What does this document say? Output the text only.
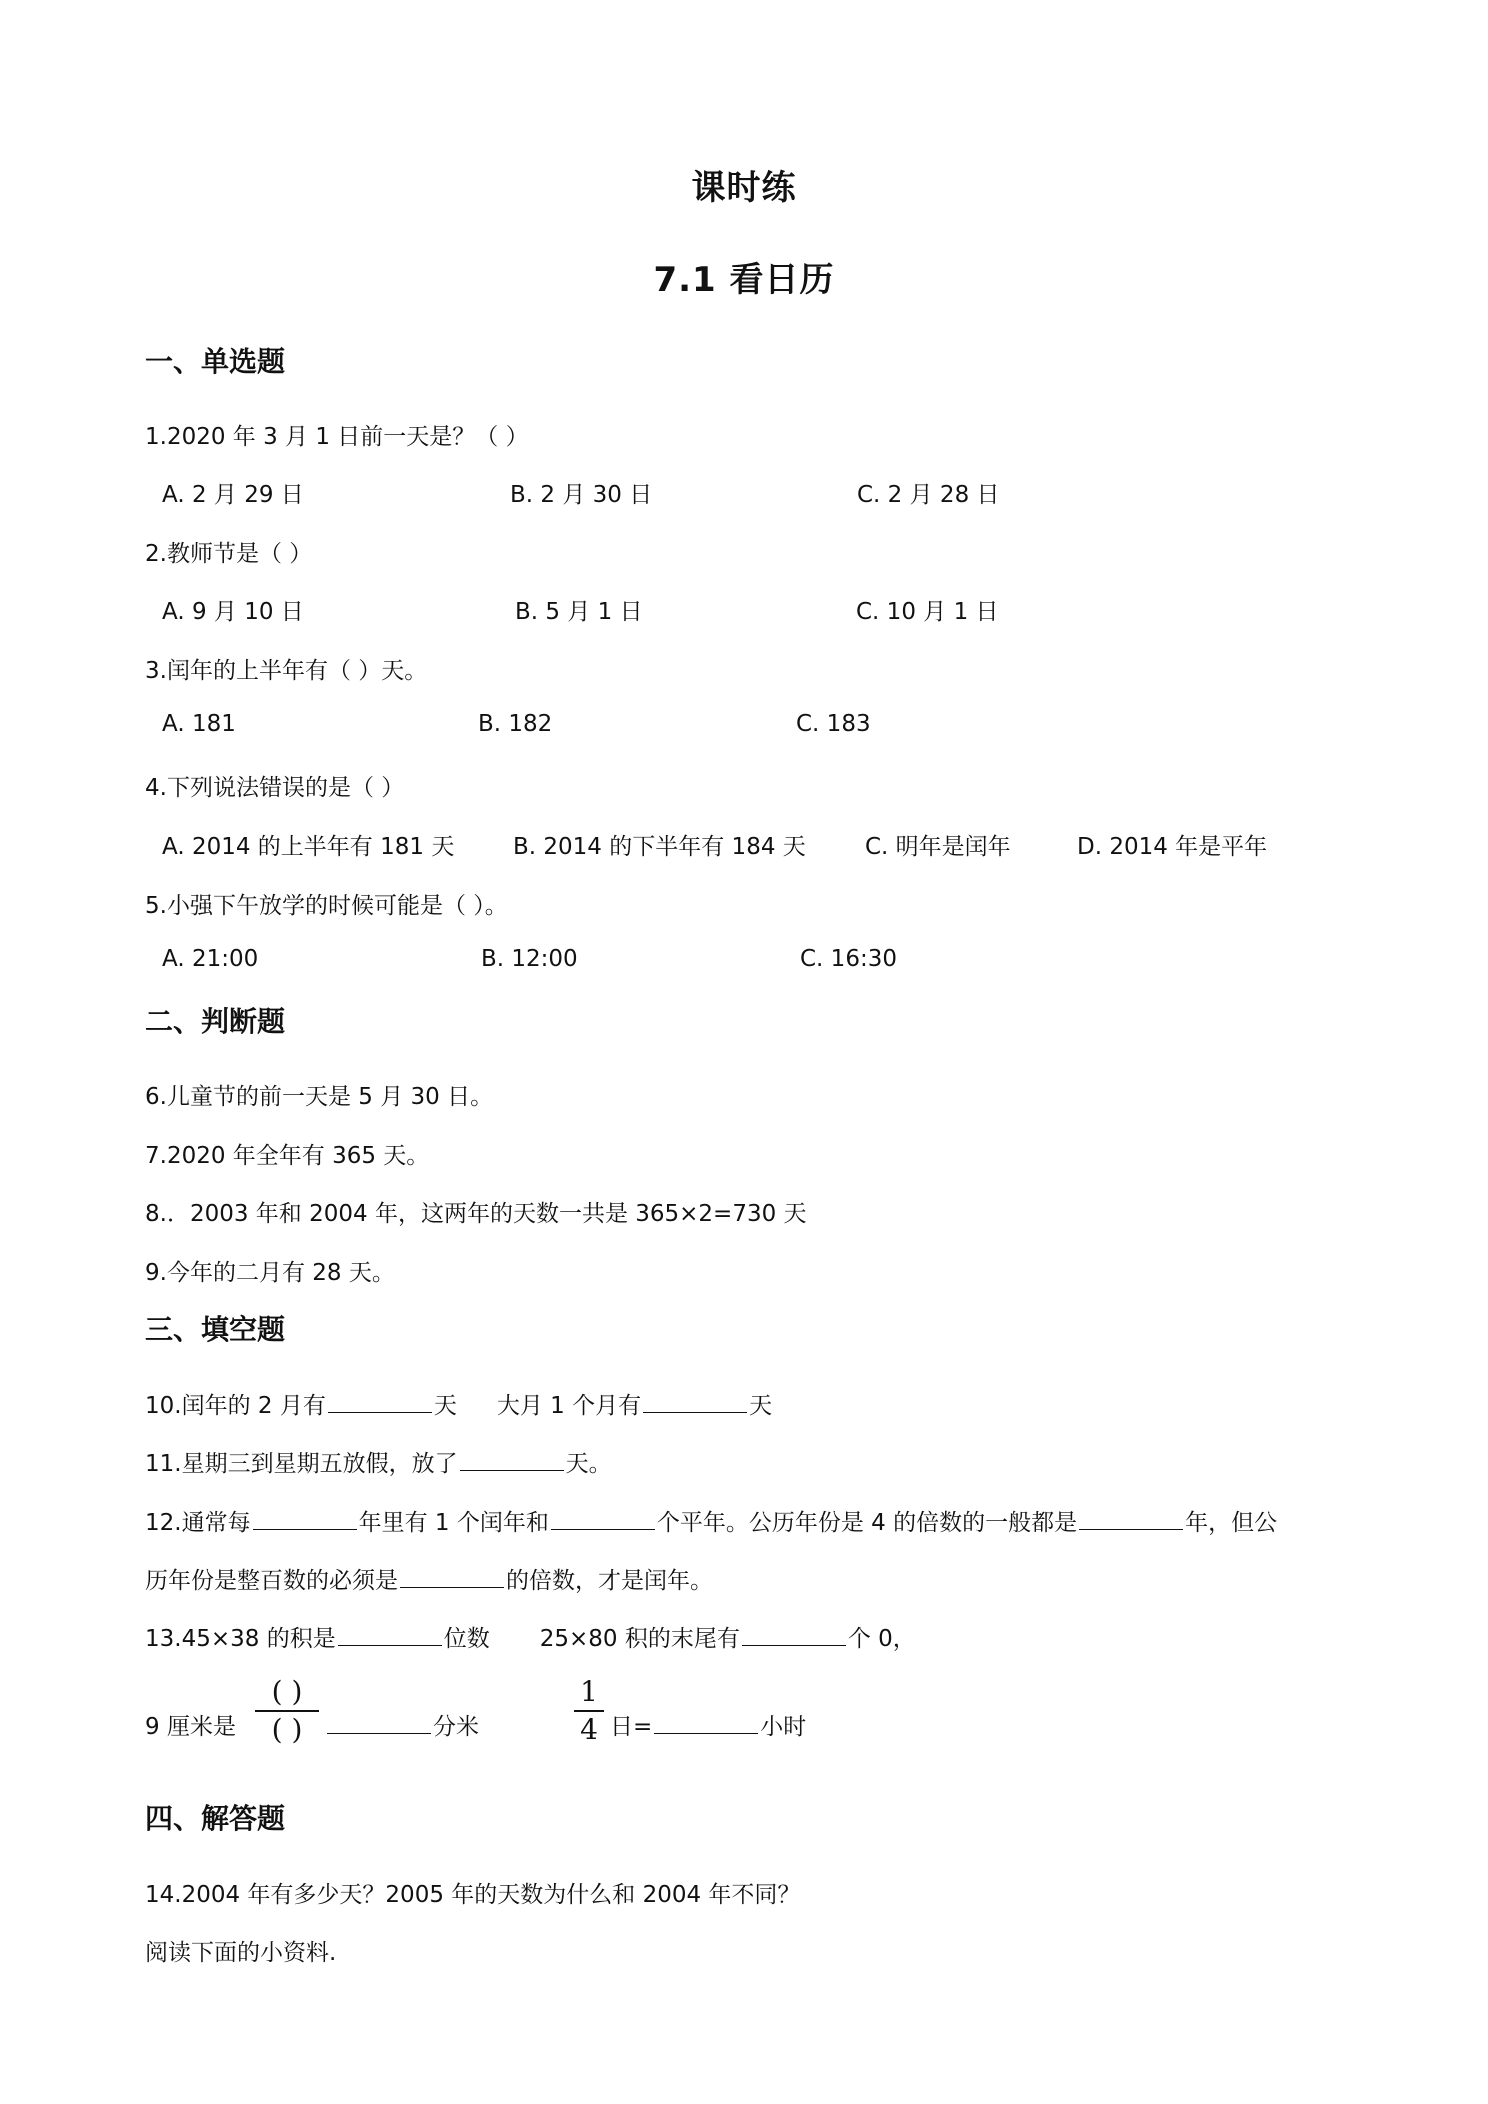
课时练
7.1 看日历
一、单选题
1.2020 年 3 月 1 日前一天是？（ ）
A. 2 月 29 日	B. 2 月 30 日	C. 2 月 28 日
2.教师节是（ ）
A. 9 月 10 日	B. 5 月 1 日	C. 10 月 1 日
3.闰年的上半年有（ ）天。
A. 181	B. 182	C. 183
4.下列说法错误的是（ ）
A. 2014 的上半年有 181 天	B. 2014 的下半年有 184 天	C. 明年是闰年	D. 2014 年是平年
5.小强下午放学的时候可能是（ ）。
A. 21:00	B. 12:00	C. 16:30
二、判断题
6.儿童节的前一天是 5 月 30 日。
7.2020 年全年有 365 天。
8.．2003 年和 2004 年，这两年的天数一共是 365×2=730 天
9.今年的二月有 28 天。
三、填空题
10.闰年的 2 月有	天 大月 1 个月有	天
11.星期三到星期五放假，放了	天。
12.通常每	年里有 1 个闰年和	个平年。公历年份是 4 的倍数的一般都是	年，但公
历年份是整百数的必须是	的倍数，才是闰年。
13.45×38 的积是	位数 25×80 积的末尾有	个 0，
9 厘米是
( )
( )	分米
1
4 日=	小时
四、解答题
14.2004 年有多少天？2005 年的天数为什么和 2004 年不同？
阅读下面的小资料.
